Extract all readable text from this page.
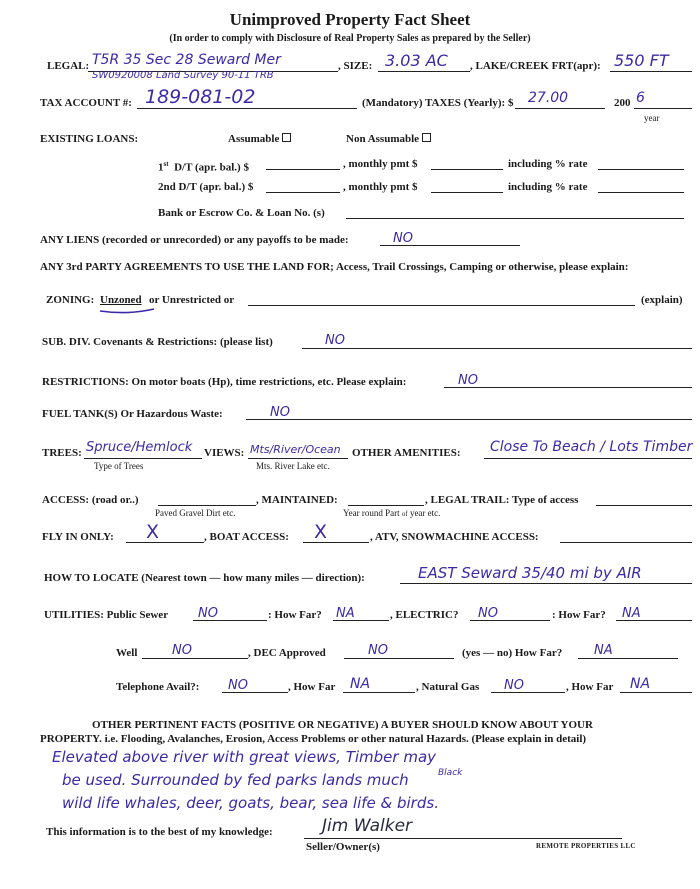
Unimproved Property Fact Sheet
(In order to comply with Disclosure of Real Property Sales as prepared by the Seller)
LEGAL: T5R 35 Sec 28 Seward Mer
SW0920008 Land Survey 90-11 TRB
, SIZE: 3.03 AC , LAKE/CREEK FRT(apr): 550 FT
TAX ACCOUNT #: 189-081-02	(Mandatory) TAXES (Yearly): $ 27.00	200 6
year
EXISTING LOANS:	Assumable	Non Assumable
1st D/T (apr. bal.) $	, monthly pmt $	including % rate
2nd D/T (apr. bal.) $	, monthly pmt $	including % rate
Bank or Escrow Co. & Loan No. (s)
ANY LIENS (recorded or unrecorded) or any payoffs to be made:	NO
ANY 3rd PARTY AGREEMENTS TO USE THE LAND FOR; Access, Trail Crossings, Camping or otherwise, please explain:
ZONING: Unzoned or Unrestricted or	(explain)
SUB. DIV. Covenants & Restrictions: (please list)	NO
RESTRICTIONS: On motor boats (Hp), time restrictions, etc. Please explain:	NO
FUEL TANK(S) Or Hazardous Waste:	NO
TREES: Spruce/Hemlock
Type of Trees
VIEWS: Mts/River/Ocean
Mts. River Lake etc.
OTHER AMENITIES: Close To Beach / Lots Timber
ACCESS: (road or..)
Paved Gravel Dirt etc.
, MAINTAINED:
Year round Part of year etc.
, LEGAL TRAIL: Type of access
FLY IN ONLY: X	, BOAT ACCESS: X	, ATV, SNOWMACHINE ACCESS:
HOW TO LOCATE (Nearest town — how many miles — direction):	EAST Seward 35/40 mi by AIR
UTILITIES: Public Sewer NO	: How Far? NA	, ELECTRIC? NO	: How Far? NA
Well	NO	, DEC Approved	NO	(yes — no) How Far? NA
Telephone Avail?: NO	, How Far NA	, Natural Gas NO	, How Far NA
OTHER PERTINENT FACTS (POSITIVE OR NEGATIVE) A BUYER SHOULD KNOW ABOUT YOUR
PROPERTY. i.e. Flooding, Avalanches, Erosion, Access Problems or other natural Hazards. (Please explain in detail)
Elevated above river with great views, Timber may
be used. Surrounded by fed parks lands much	Black
wild life whales, deer, goats, bear, sea life & birds.
This information is to the best of my knowledge:	Jim Walker
Seller/Owner(s)	REMOTE PROPERTIES LLC
